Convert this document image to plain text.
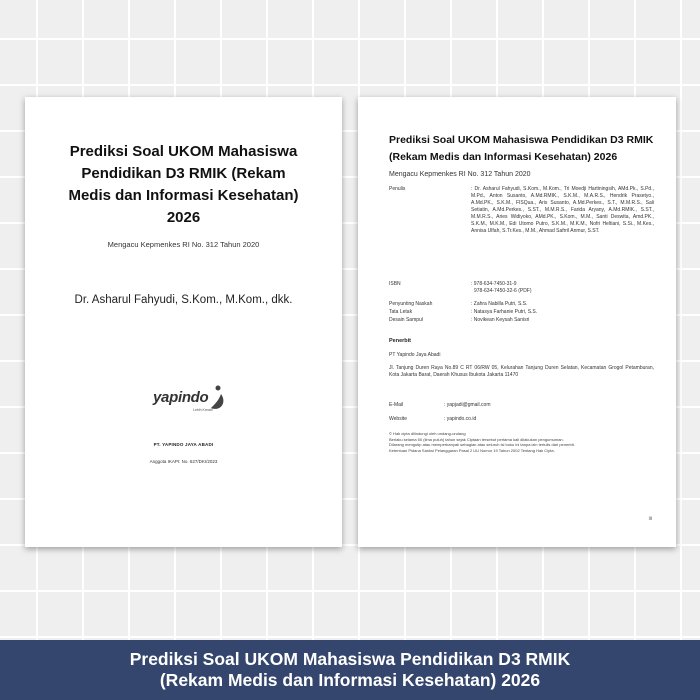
Prediksi Soal UKOM Mahasiswa
Pendidikan D3 RMIK (Rekam
Medis dan Informasi Kesehatan)
2026
Mengacu Kepmenkes RI No. 312 Tahun 2020
Dr. Asharul Fahyudi, S.Kom., M.Kom., dkk.
yapindo
Lebih Kreatif
PT. YAPINDO JAYA ABADI
Anggota IKAPI: No. 627/DKI/2023
Prediksi Soal UKOM Mahasiswa Pendidikan D3 RMIK
(Rekam Medis dan Informasi Kesehatan) 2026
Mengacu Kepmenkes RI No. 312 Tahun 2020
Penulis	: Dr. Asharul Fahyudi, S.Kom., M.Kom., Tri Moedji Hartiningsih, AMd.Pk., S.Pd., M.Pd., Anton Susanto, A.Md.RMIK., S.K.M., M.A.R.S., Hendrik Prasetyo., A.Md.PK., S.K.M., FISQua., Aris Susanto, A.Md.Perkes., S.T., M.M.R.S., Sali Setiatin, A.Md.Perkes., S.ST., M.M.R.S., Farida Aryany, A.Md.RMIK., S.ST., M.M.R.S., Aries Widiyoko, AMd.PK., S.Kom., M.M., Santi Deswita, Amd.PK., S.K.M., M.K.M., Edi Utomo Putro, S.K.M., M.K.M., Nofri Heltiani, S.Si., M.Kes., Annisa Ulfah, S.Tr.Kes., M.M., Ahmad Safrril Anmur, S.ST.
ISBN	: 978-634-7450-31-9
978-634-7450-32-6 (PDF)
Penyunting Naskah	: Zahra Nabilla Putri, S.S.
Tata Letak	: Natasya Farhanie Putri, S.S.
Desain Sampul	: Novikean Keysah Sanisri
Penerbit
PT Yapindo Jaya Abadi
Jl. Tanjung Duren Raya No.89 C RT 06/RW 05, Kelurahan Tanjung Duren Selatan, Kecamatan Grogol Petamburan, Kota Jakarta Barat, Daerah Khusus Ibukota Jakarta 11470
E-Mail	: yapjadi@gmail.com
Website	: yapindo.co.id
© Hak cipta dilindungi oleh undang-undang
Berlaku selama 50 (lima puluh) tahun sejak Ciptaan tersebut pertama kali dilakukan pengumuman.
Dilarang mengutip atau memperbanyak sebagian atau seluruh isi buku ini tanpa izin tertulis dari penerbit.
Ketentuan Pidana Sanksi Pelanggaran Pasal 2 UU Nomor 19 Tahun 2002 Tentang Hak Cipta.
iii
Prediksi Soal UKOM Mahasiswa Pendidikan D3 RMIK
(Rekam Medis dan Informasi Kesehatan) 2026
